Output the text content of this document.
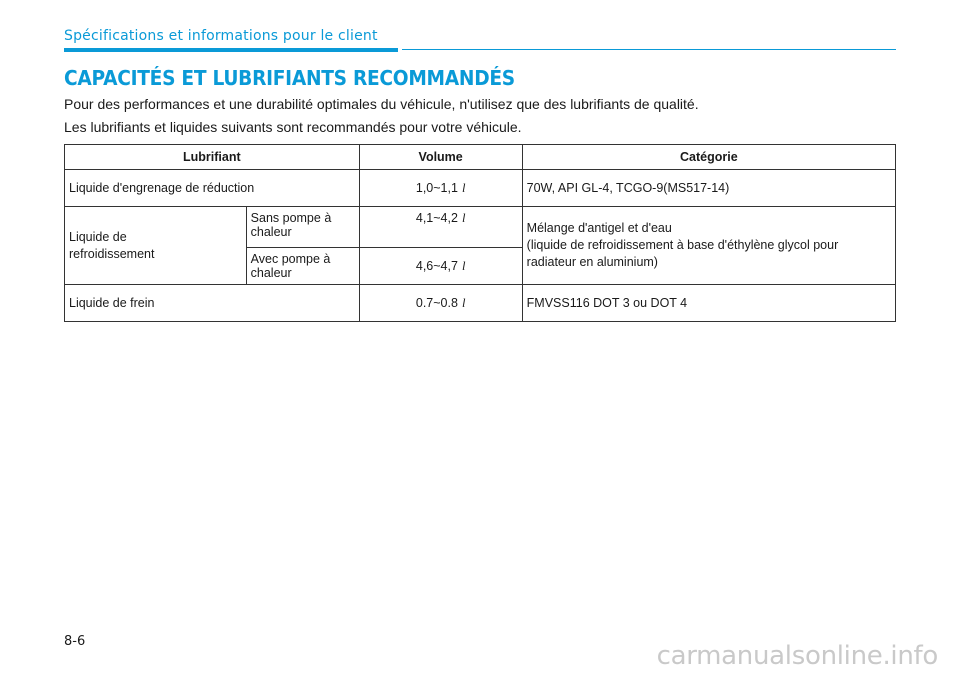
Spécifications et informations pour le client
CAPACITÉS ET LUBRIFIANTS RECOMMANDÉS

Pour des performances et une durabilité optimales du véhicule, n'utilisez que des lubrifiants de qualité.

Les lubrifiants et liquides suivants sont recommandés pour votre véhicule.

Lubrifiant		Volume	Catégorie
Liquide d'engrenage de réduction		1,0~1,1 l	70W, API GL-4, TCGO-9(MS517-14)

Liquide de
refroidissement	Sans pompe à chaleur	4,1~4,2 l	Mélange d'antigel et d'eau
(liquide de refroidissement à base d'éthylène glycol pour
radiateur en aluminium)

	Avec pompe à chaleur	4,6~4,7 l	
Liquide de frein		0.7~0.8 l	FMVSS116 DOT 3 ou DOT 4
8-6	carmanualsonline.info
